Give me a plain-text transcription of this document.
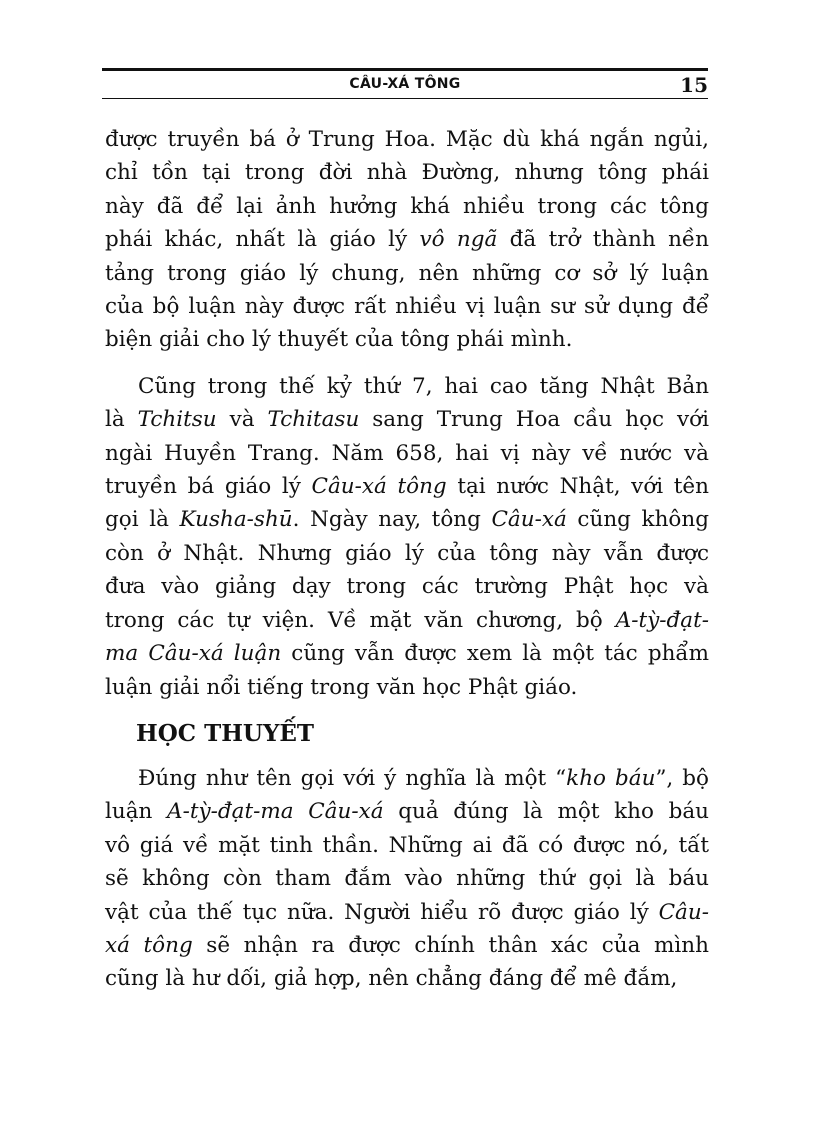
CÂU-XÁ TÔNG	15
được truyền bá ở Trung Hoa. Mặc dù khá ngắn ngủi,
chỉ tồn tại trong đời nhà Đường, nhưng tông phái
này đã để lại ảnh hưởng khá nhiều trong các tông
phái khác, nhất là giáo lý vô ngã đã trở thành nền
tảng trong giáo lý chung, nên những cơ sở lý luận
của bộ luận này được rất nhiều vị luận sư sử dụng để
biện giải cho lý thuyết của tông phái mình.
Cũng trong thế kỷ thứ 7, hai cao tăng Nhật Bản
là Tchitsu và Tchitasu sang Trung Hoa cầu học với
ngài Huyền Trang. Năm 658, hai vị này về nước và
truyền bá giáo lý Câu-xá tông tại nước Nhật, với tên
gọi là Kusha-shū. Ngày nay, tông Câu-xá cũng không
còn ở Nhật. Nhưng giáo lý của tông này vẫn được
đưa vào giảng dạy trong các trường Phật học và
trong các tự viện. Về mặt văn chương, bộ A-tỳ-đạt-
ma Câu-xá luận cũng vẫn được xem là một tác phẩm
luận giải nổi tiếng trong văn học Phật giáo.
HỌC THUYẾT
Đúng như tên gọi với ý nghĩa là một “kho báu”, bộ
luận A-tỳ-đạt-ma Câu-xá quả đúng là một kho báu
vô giá về mặt tinh thần. Những ai đã có được nó, tất
sẽ không còn tham đắm vào những thứ gọi là báu
vật của thế tục nữa. Người hiểu rõ được giáo lý Câu-
xá tông sẽ nhận ra được chính thân xác của mình
cũng là hư dối, giả hợp, nên chẳng đáng để mê đắm,
